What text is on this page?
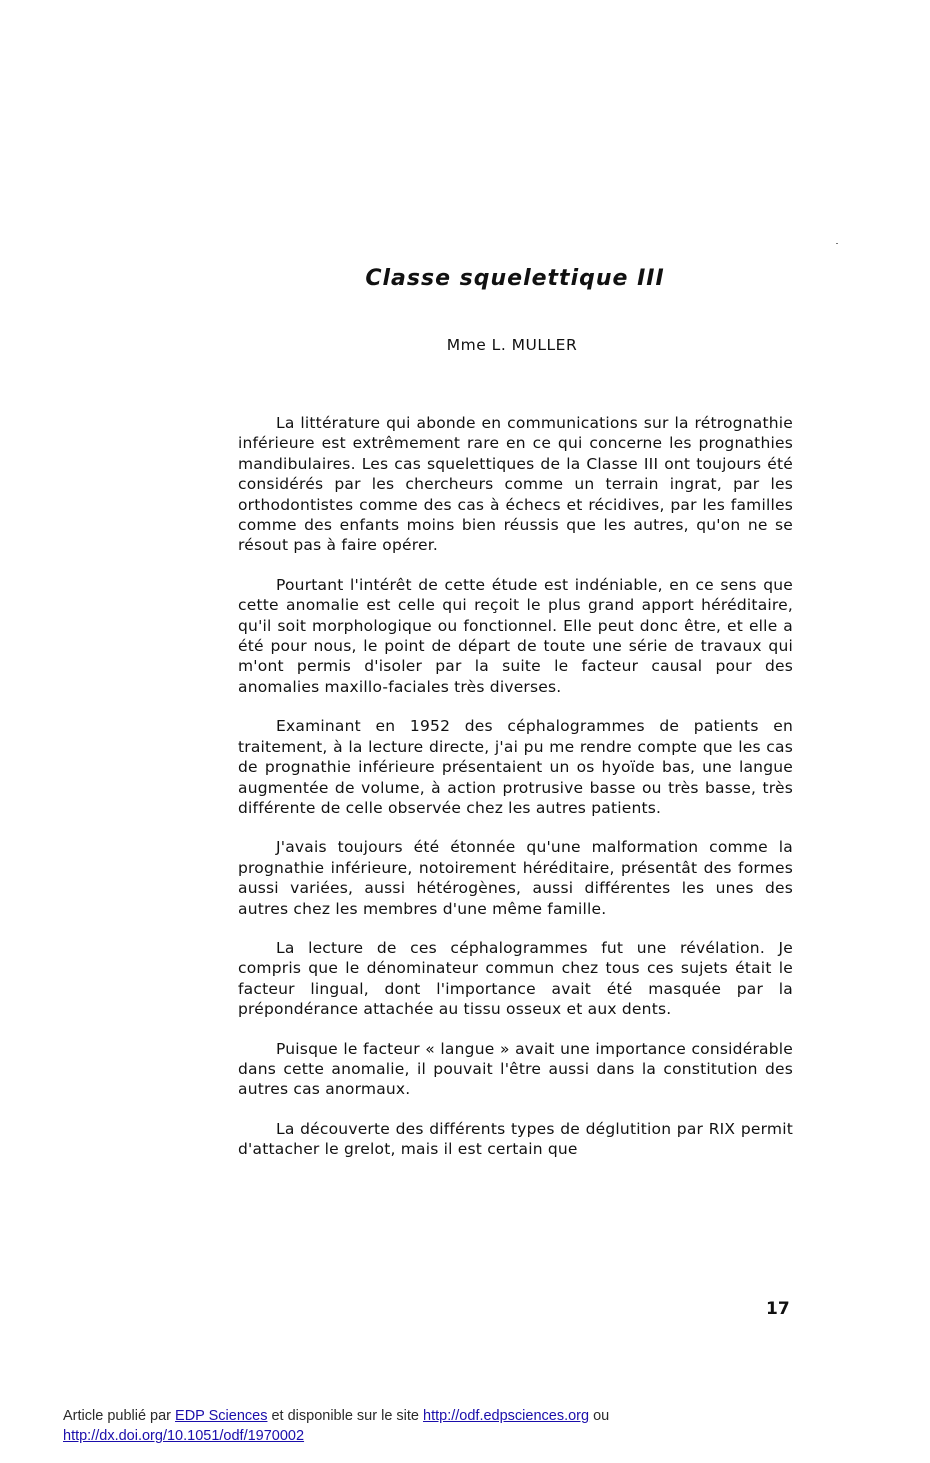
Classe squelettique III

Mme L. MULLER

La littérature qui abonde en communications sur la rétrognathie inférieure est extrêmement rare en ce qui concerne les prognathies mandibulaires. Les cas squelettiques de la Classe III ont toujours été considérés par les chercheurs comme un terrain ingrat, par les orthodontistes comme des cas à échecs et récidives, par les familles comme des enfants moins bien réussis que les autres, qu'on ne se résout pas à faire opérer.

Pourtant l'intérêt de cette étude est indéniable, en ce sens que cette anomalie est celle qui reçoit le plus grand apport héréditaire, qu'il soit morphologique ou fonctionnel. Elle peut donc être, et elle a été pour nous, le point de départ de toute une série de travaux qui m'ont permis d'isoler par la suite le facteur causal pour des anomalies maxillo-faciales très diverses.

Examinant en 1952 des céphalogrammes de patients en traitement, à la lecture directe, j'ai pu me rendre compte que les cas de prognathie inférieure présentaient un os hyoïde bas, une langue augmentée de volume, à action protrusive basse ou très basse, très différente de celle observée chez les autres patients.

J'avais toujours été étonnée qu'une malformation comme la prognathie inférieure, notoirement héréditaire, présentât des formes aussi variées, aussi hétérogènes, aussi différentes les unes des autres chez les membres d'une même famille.

La lecture de ces céphalogrammes fut une révélation. Je compris que le dénominateur commun chez tous ces sujets était le facteur lingual, dont l'importance avait été masquée par la prépondérance attachée au tissu osseux et aux dents.

Puisque le facteur « langue » avait une importance considérable dans cette anomalie, il pouvait l'être aussi dans la constitution des autres cas anormaux.

La découverte des différents types de déglutition par RIX permit d'attacher le grelot, mais il est certain que

17

Article publié par EDP Sciences et disponible sur le site http://odf.edpsciences.org ou
http://dx.doi.org/10.1051/odf/1970002
